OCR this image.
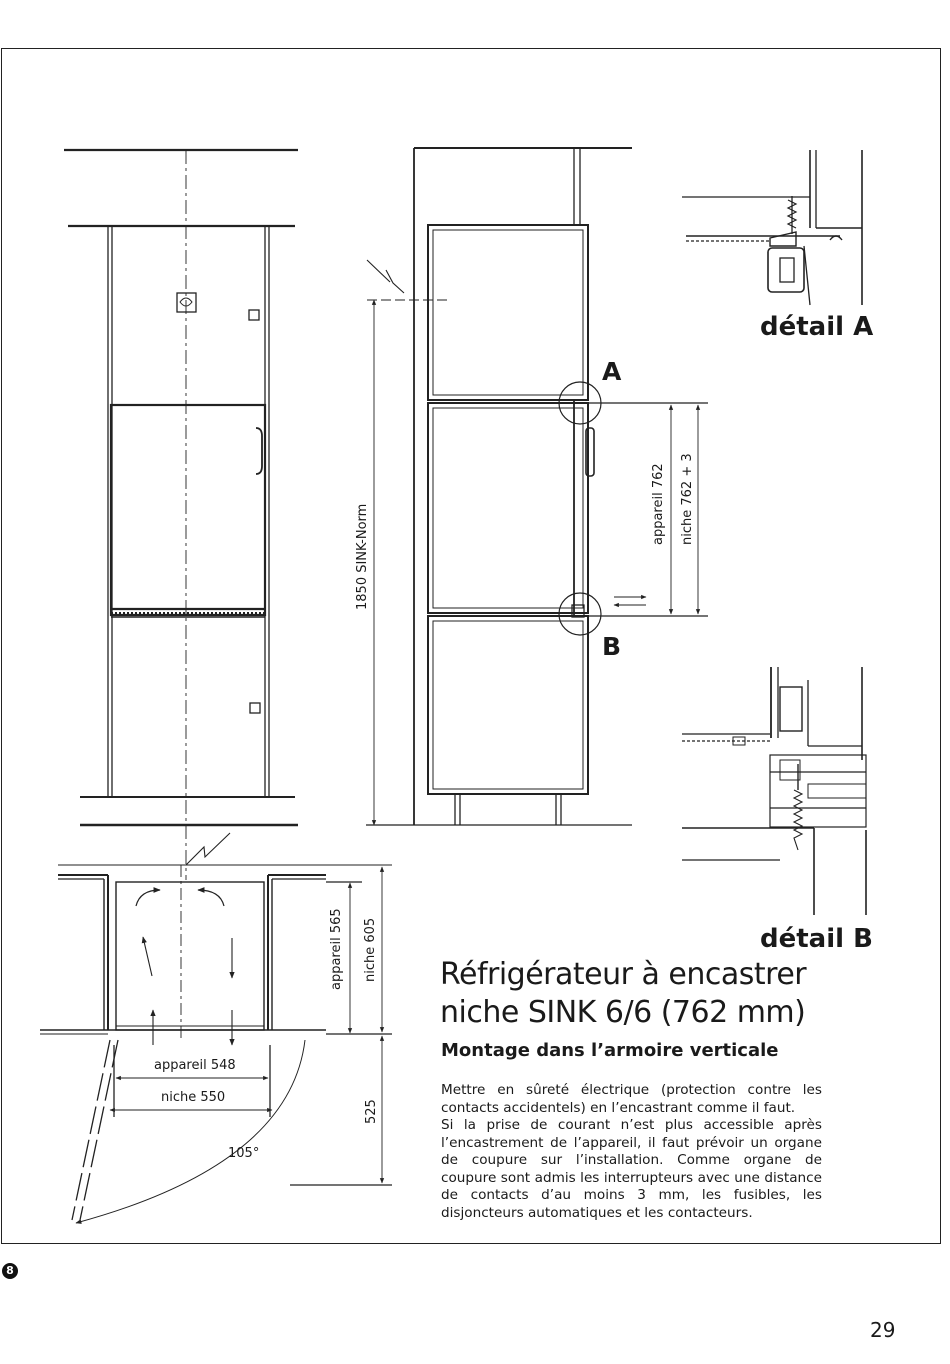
détail A
détail B
A
B
1850 SINK-Norm	appareil 762 niche 762 + 3
appareil 565 niche 605
525
appareil 548
niche 550
105°
Réfrigérateur à encastrer
niche SINK 6/6 (762 mm)
Montage dans l’armoire verticale

Mettre en sûreté électrique (protection contre les contacts accidentels) en l’encastrant comme il faut.

Si la prise de courant n’est plus accessible après l’encastrement de l’appareil, il faut prévoir un organe de coupure sur l’installation. Comme organe de coupure sont admis les interrupteurs avec une distance de contacts d’au moins 3 mm, les fusibles, les disjoncteurs automatiques et les contacteurs.

8
29
